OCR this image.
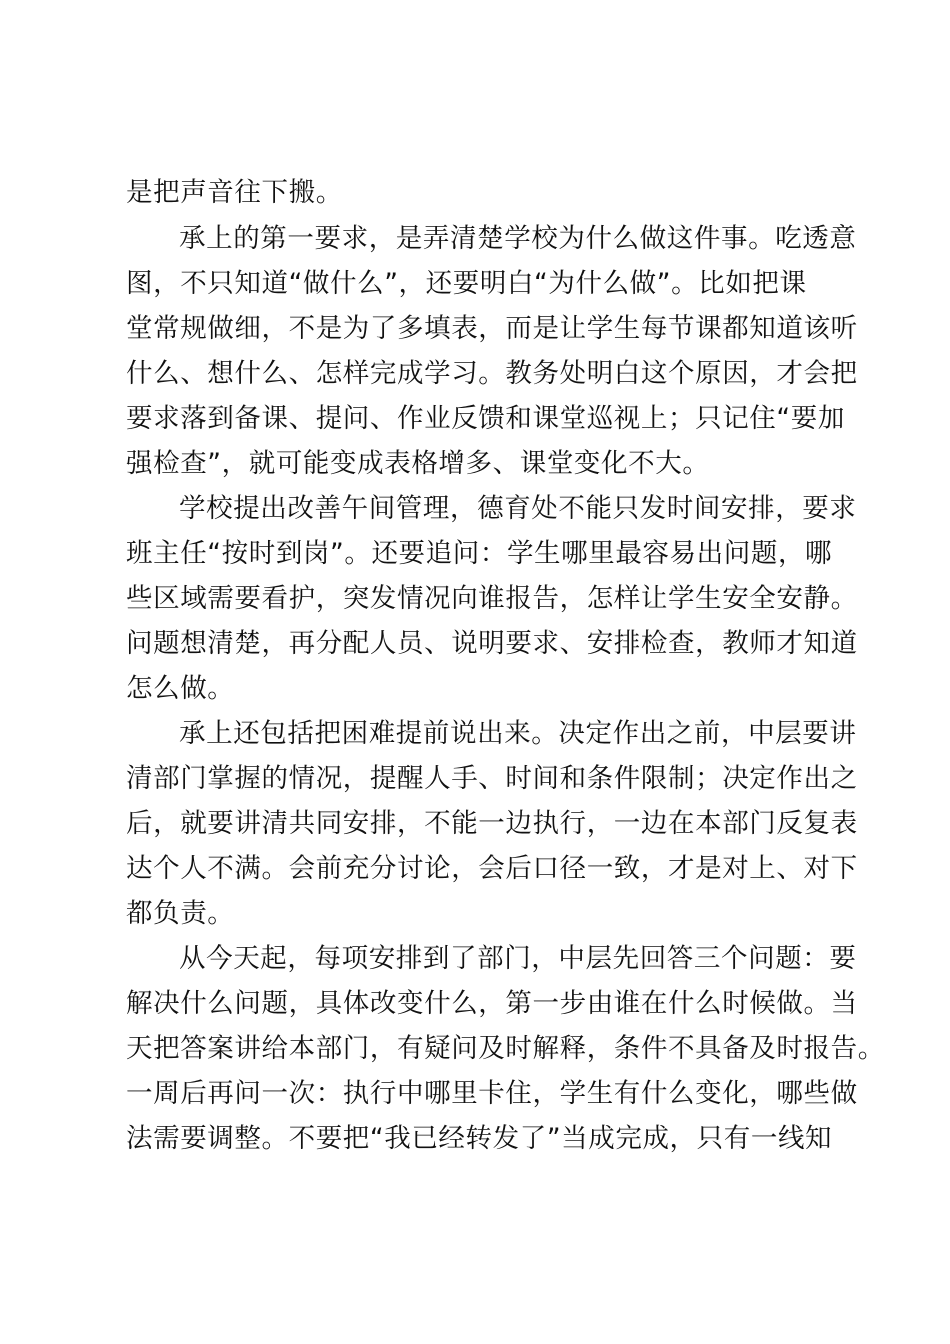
是把声音往下搬。
承上的第一要求，是弄清楚学校为什么做这件事。吃透意
图，不只知道“做什么”，还要明白“为什么做”。比如把课
堂常规做细，不是为了多填表，而是让学生每节课都知道该听
什么、想什么、怎样完成学习。教务处明白这个原因，才会把
要求落到备课、提问、作业反馈和课堂巡视上；只记住“要加
强检查”，就可能变成表格增多、课堂变化不大。
学校提出改善午间管理，德育处不能只发时间安排，要求
班主任“按时到岗”。还要追问：学生哪里最容易出问题，哪
些区域需要看护，突发情况向谁报告，怎样让学生安全安静。
问题想清楚，再分配人员、说明要求、安排检查，教师才知道
怎么做。
承上还包括把困难提前说出来。决定作出之前，中层要讲
清部门掌握的情况，提醒人手、时间和条件限制；决定作出之
后，就要讲清共同安排，不能一边执行，一边在本部门反复表
达个人不满。会前充分讨论，会后口径一致，才是对上、对下
都负责。
从今天起，每项安排到了部门，中层先回答三个问题：要
解决什么问题，具体改变什么，第一步由谁在什么时候做。当
天把答案讲给本部门，有疑问及时解释，条件不具备及时报告。
一周后再问一次：执行中哪里卡住，学生有什么变化，哪些做
法需要调整。不要把“我已经转发了”当成完成，只有一线知
